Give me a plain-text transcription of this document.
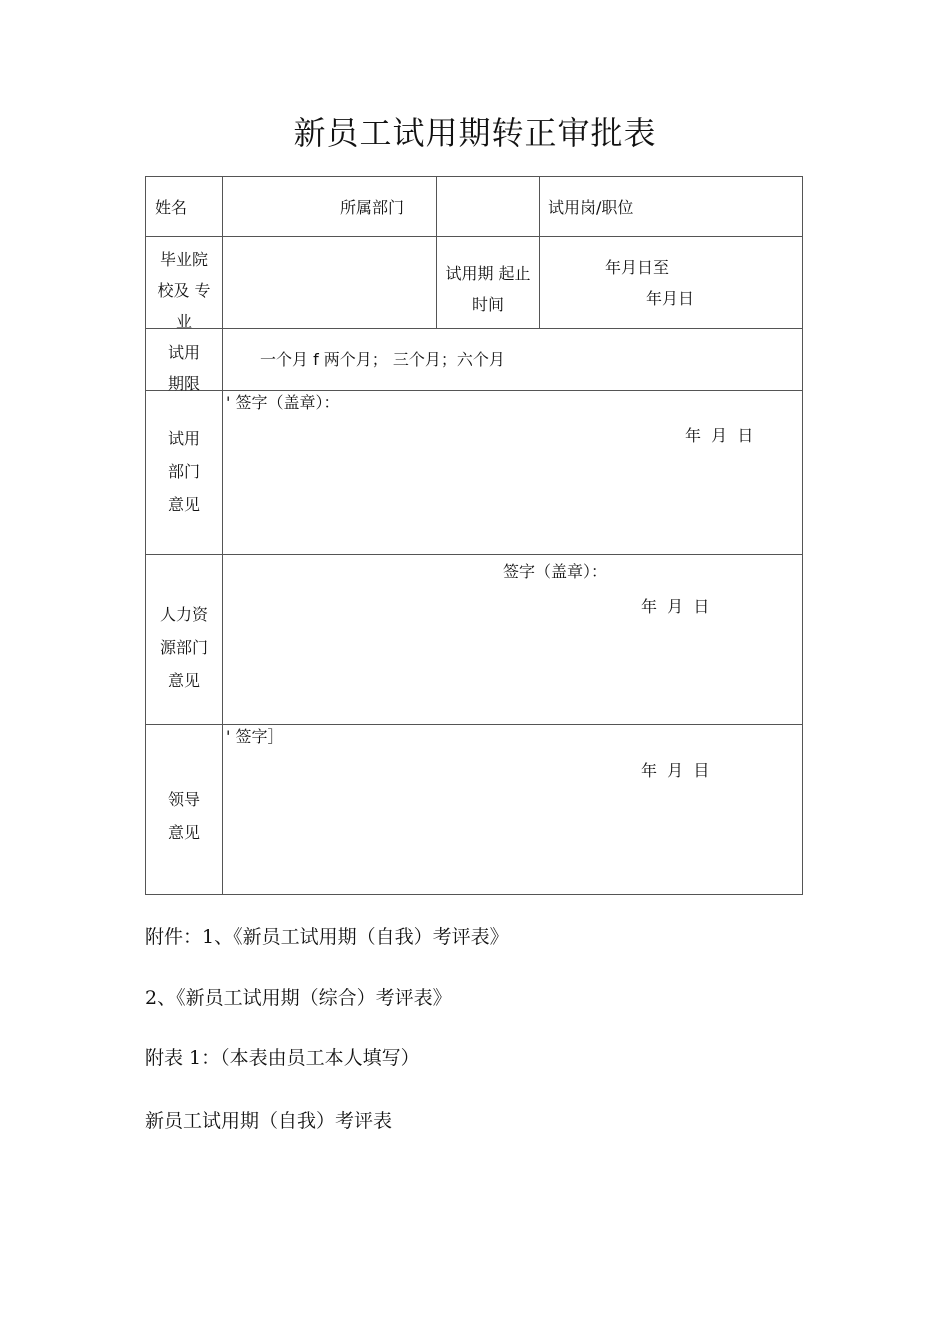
新员工试用期转正审批表
姓名	所属部门	试用岗/职位
毕业院
校及 专
业
试用期 起止
时间
年月日至
年月日
试用
期限
一个月 f 两个月； 三个月；六个月
试用
部门
意见
' 签字（盖章）：
年  月  日
人力资
源部门
意见
签字（盖章）：
年  月  日
领导
意见
' 签字］
年  月  目
附件：1、《新员工试用期（自我）考评表》
2、《新员工试用期（综合）考评表》
附表 1：（本表由员工本人填写）
新员工试用期（自我）考评表
